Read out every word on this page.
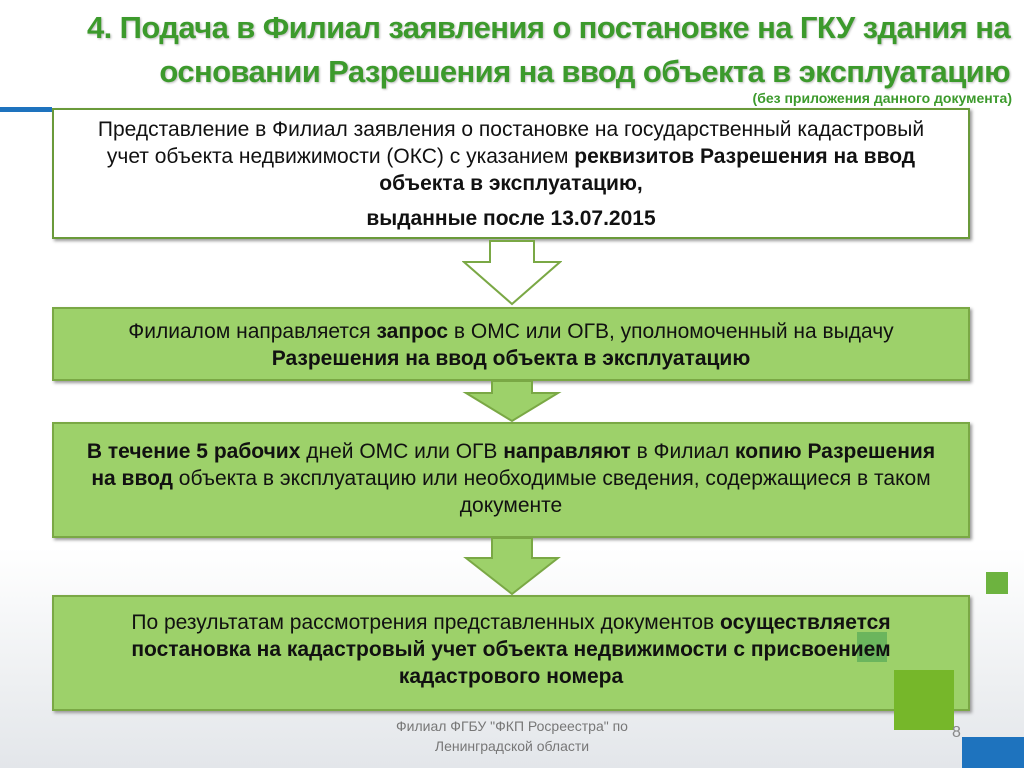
4. Подача в Филиал заявления о постановке на ГКУ здания на
основании Разрешения на ввод объекта в эксплуатацию
(без приложения данного документа)

Представление в Филиал заявления о постановке на государственный кадастровый учет объекта недвижимости (ОКС) с указанием реквизитов Разрешения на ввод объекта в эксплуатацию,

выданные после 13.07.2015

Филиалом направляется запрос в ОМС или ОГВ, уполномоченный на выдачу Разрешения на ввод объекта в эксплуатацию

В течение 5 рабочих дней ОМС или ОГВ направляют в Филиал копию Разрешения на ввод объекта в эксплуатацию или необходимые сведения, содержащиеся в таком документе

По результатам рассмотрения представленных документов осуществляется постановка на кадастровый учет объекта недвижимости с присвоением кадастрового номера

Филиал ФГБУ "ФКП Росреестра" по
Ленинградской области
8
